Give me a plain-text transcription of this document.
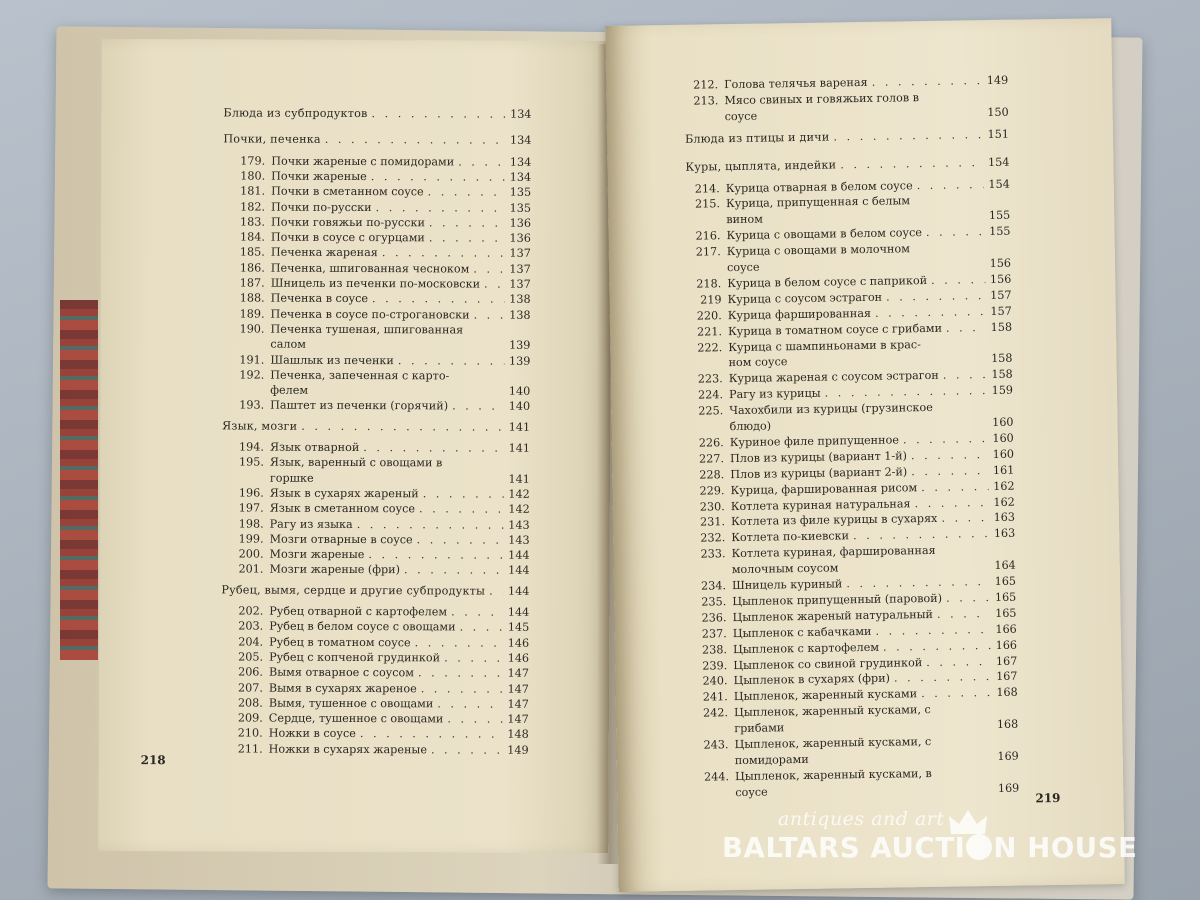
Блюда из субпродуктов . . .	134
Почки, печенка . . .	134
179. Почки жареные с помидорами . . .	134
180. Почки жареные . . .	134
181. Почки в сметанном соусе . . .	135
182. Почки по-русски . . .	135
183. Почки говяжьи по-русски . . .	136
184. Почки в соусе с огурцами . . .	136
185. Печенка жареная . . .	137
186. Печенка, шпигованная чесноком . . .	137
187. Шницель из печенки по-московски . . .	137
188. Печенка в соусе . . .	138
189. Печенка в соусе по-строгановски . . .	138
190. Печенка тушеная, шпигованная
салом	139
191. Шашлык из печенки . . .	139
192. Печенка, запеченная с карто-
фелем	140
193. Паштет из печенки (горячий) . . .	140
Язык, мозги . . .	141
194. Язык отварной . . .	141
195. Язык, варенный с овощами в
горшке	141
196. Язык в сухарях жареный . . .	142
197. Язык в сметанном соусе . . .	142
198. Рагу из языка . . .	143
199. Мозги отварные в соусе . . .	143
200. Мозги жареные . . .	144
201. Мозги жареные (фри) . . .	144
Рубец, вымя, сердце и другие субпродукты . . .	144
202. Рубец отварной с картофелем . . .	144
203. Рубец в белом соусе с овощами . . .	145
204. Рубец в томатном соусе . . .	146
205. Рубец с копченой грудинкой . . .	146
206. Вымя отварное с соусом . . .	147
207. Вымя в сухарях жареное . . .	147
208. Вымя, тушенное с овощами . . .	147
209. Сердце, тушенное с овощами . . .	147
210. Ножки в соусе . . .	148
211. Ножки в сухарях жареные . . .	149
218
212. Голова телячья вареная . . .	149
213. Мясо свиных и говяжьих голов в
соусе	150
Блюда из птицы и дичи . . .	151
Куры, цыплята, индейки . . .	154
214. Курица отварная в белом соусе . . .	154
215. Курица, припущенная с белым
вином	155
216. Курица с овощами в белом соусе . . .	155
217. Курица с овощами в молочном
соусе	156
218. Курица в белом соусе с паприкой . . .	156
219 Курица с соусом эстрагон . . .	157
220. Курица фаршированная . . .	157
221. Курица в томатном соусе с грибами . . .	158
222. Курица с шампиньонами в крас-
ном соусе	158
223. Курица жареная с соусом эстрагон . . .	158
224. Рагу из курицы . . .	159
225. Чахохбили из курицы (грузинское
блюдо)	160
226. Куриное филе припущенное . . .	160
227. Плов из курицы (вариант 1-й) . . .	160
228. Плов из курицы (вариант 2-й) . . .	161
229. Курица, фаршированная рисом . . .	162
230. Котлета куриная натуральная . . .	162
231. Котлета из филе курицы в сухарях . . .	163
232. Котлета по-киевски . . .	163
233. Котлета куриная, фаршированная
молочным соусом	164
234. Шницель куриный . . .	165
235. Цыпленок припущенный (паровой) . . .	165
236. Цыпленок жареный натуральный . . .	165
237. Цыпленок с кабачками . . .	166
238. Цыпленок с картофелем . . .	166
239. Цыпленок со свиной грудинкой . . .	167
240. Цыпленок в сухарях (фри) . . .	167
241. Цыпленок, жаренный кусками . . .	168
242. Цыпленок, жаренный кусками, с
грибами	168
243. Цыпленок, жаренный кусками, с
помидорами	169
244. Цыпленок, жаренный кусками, в
соусе	169
219
antiques and art
BALTARS AUCTI N HOUSE
